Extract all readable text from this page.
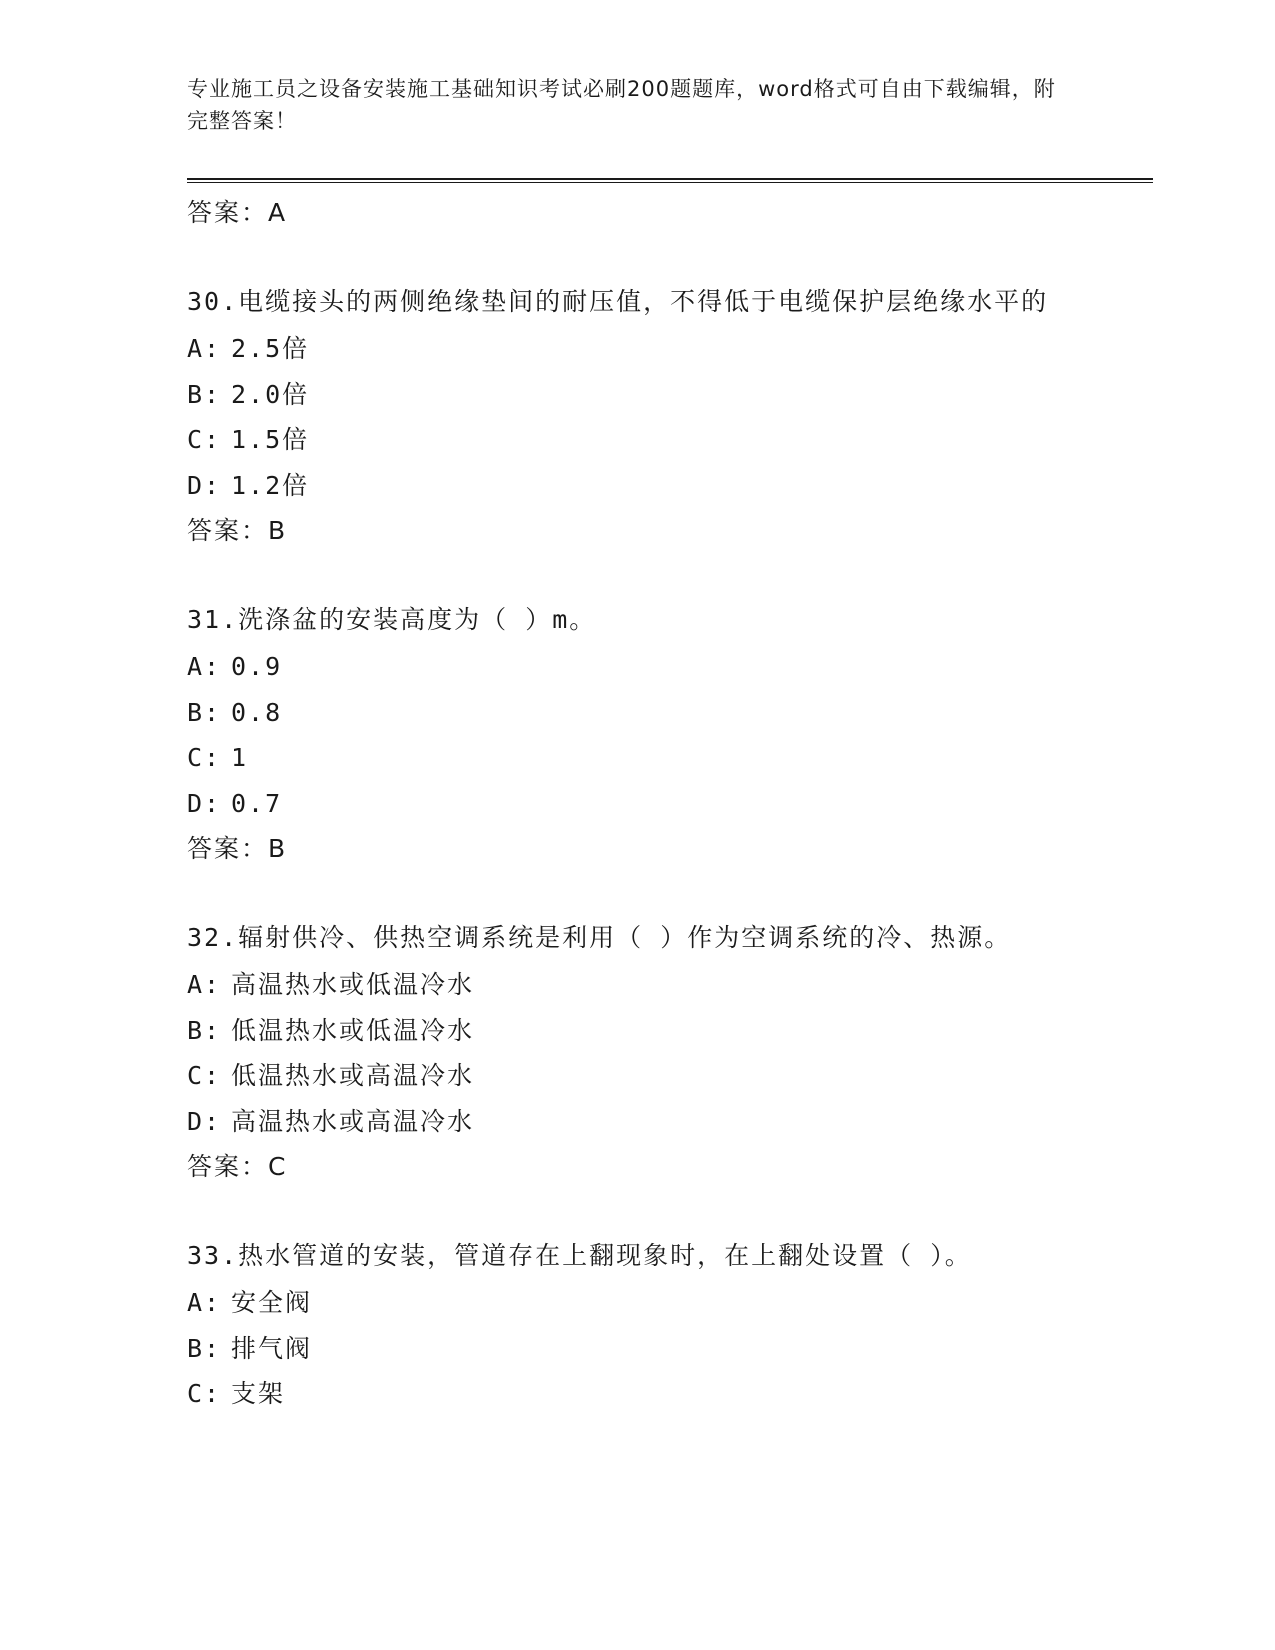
专业施工员之设备安装施工基础知识考试必刷200题题库，word格式可自由下载编辑，附完整答案！
答案：A
30.电缆接头的两侧绝缘垫间的耐压值，不得低于电缆保护层绝缘水平的
A: 2.5倍
B: 2.0倍
C: 1.5倍
D: 1.2倍
答案：B
31.洗涤盆的安装高度为（ ）m。
A: 0.9
B: 0.8
C: 1
D: 0.7
答案：B
32.辐射供冷、供热空调系统是利用（ ）作为空调系统的冷、热源。
A: 高温热水或低温冷水
B: 低温热水或低温冷水
C: 低温热水或高温冷水
D: 高温热水或高温冷水
答案：C
33.热水管道的安装，管道存在上翻现象时，在上翻处设置（ ）。
A: 安全阀
B: 排气阀
C: 支架
